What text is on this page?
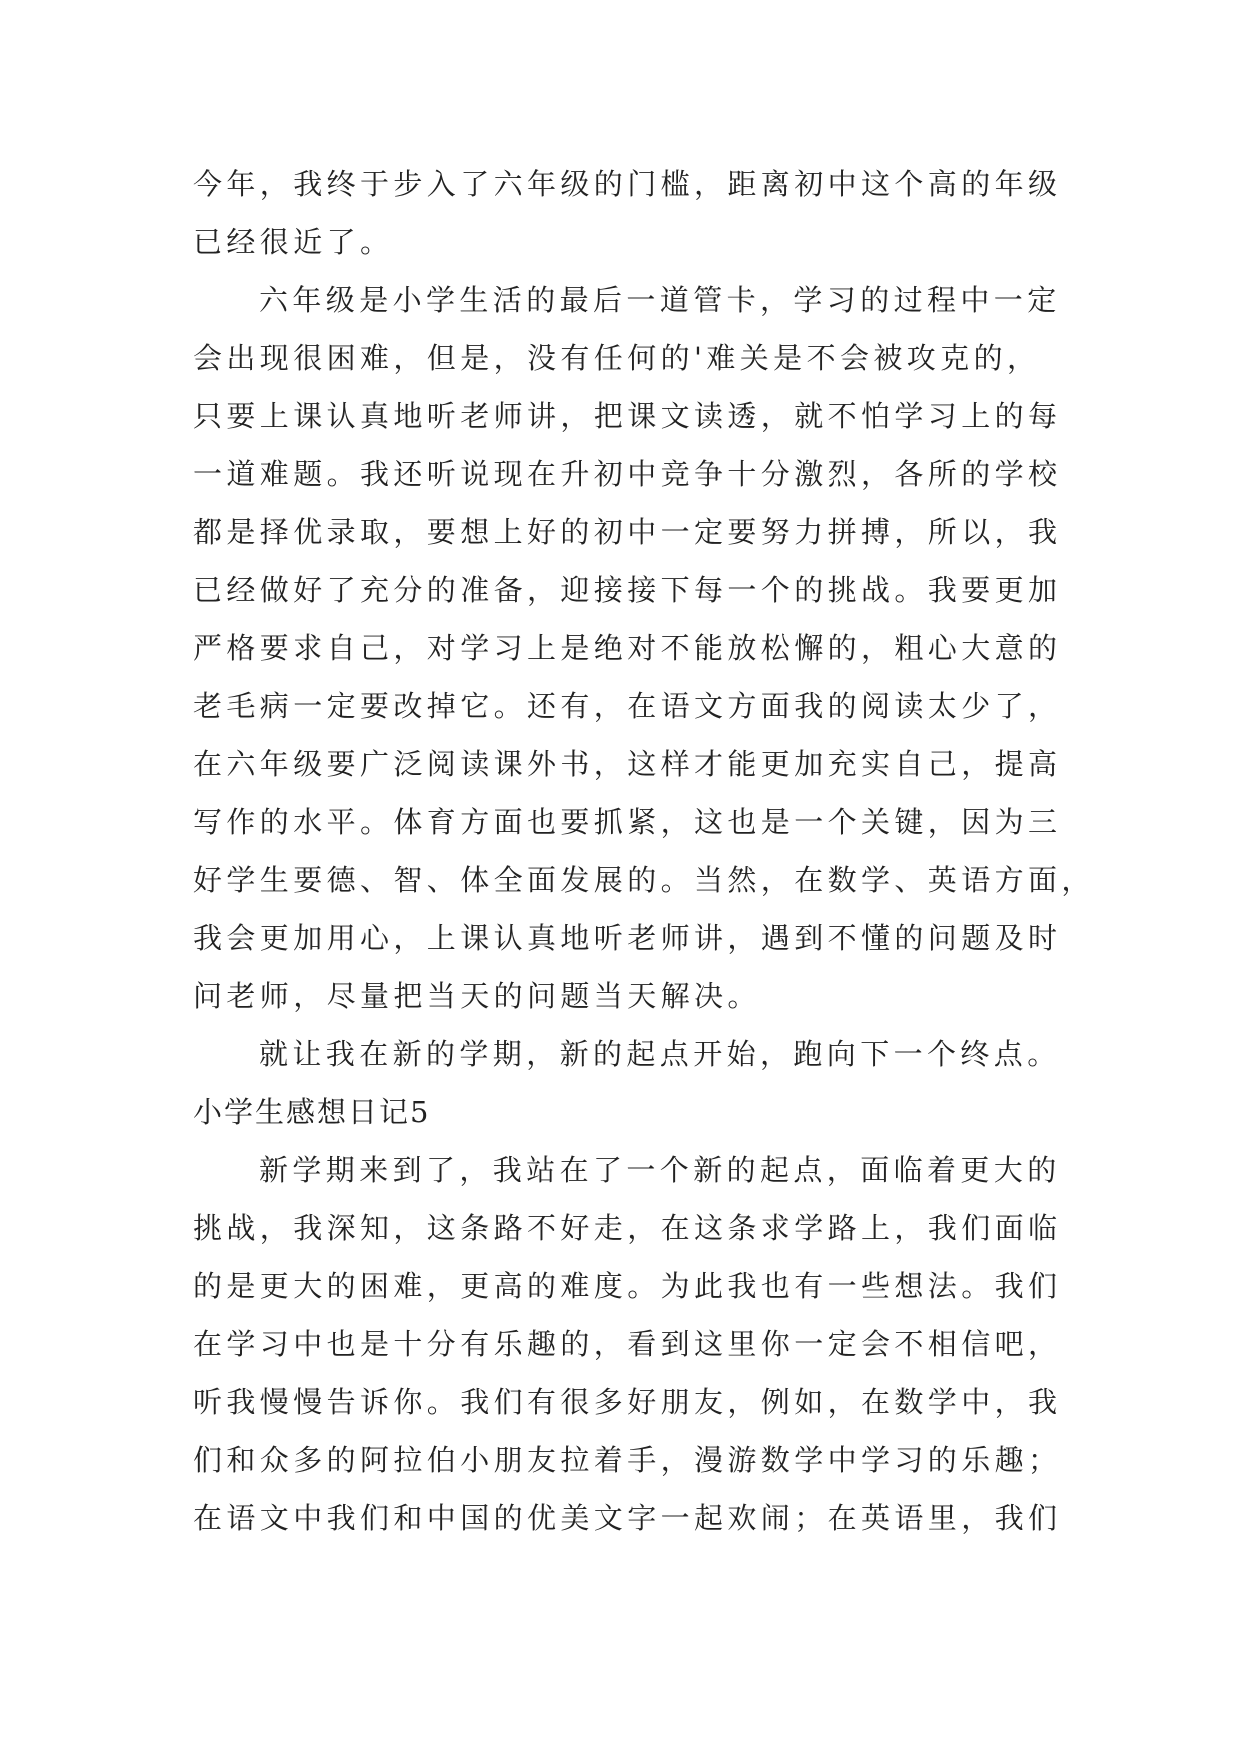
今年，我终于步入了六年级的门槛，距离初中这个高的年级
已经很近了。
六年级是小学生活的最后一道管卡，学习的过程中一定
会出现很困难，但是，没有任何的'难关是不会被攻克的，
只要上课认真地听老师讲，把课文读透，就不怕学习上的每
一道难题。我还听说现在升初中竞争十分激烈，各所的学校
都是择优录取，要想上好的初中一定要努力拼搏，所以，我
已经做好了充分的准备，迎接接下每一个的挑战。我要更加
严格要求自己，对学习上是绝对不能放松懈的，粗心大意的
老毛病一定要改掉它。还有，在语文方面我的阅读太少了，
在六年级要广泛阅读课外书，这样才能更加充实自己，提高
写作的水平。体育方面也要抓紧，这也是一个关键，因为三
好学生要德、智、体全面发展的。当然，在数学、英语方面，
我会更加用心，上课认真地听老师讲，遇到不懂的问题及时
问老师，尽量把当天的问题当天解决。
就让我在新的学期，新的起点开始，跑向下一个终点。
小学生感想日记5
新学期来到了，我站在了一个新的起点，面临着更大的
挑战，我深知，这条路不好走，在这条求学路上，我们面临
的是更大的困难，更高的难度。为此我也有一些想法。我们
在学习中也是十分有乐趣的，看到这里你一定会不相信吧，
听我慢慢告诉你。我们有很多好朋友，例如，在数学中，我
们和众多的阿拉伯小朋友拉着手，漫游数学中学习的乐趣；
在语文中我们和中国的优美文字一起欢闹；在英语里，我们
